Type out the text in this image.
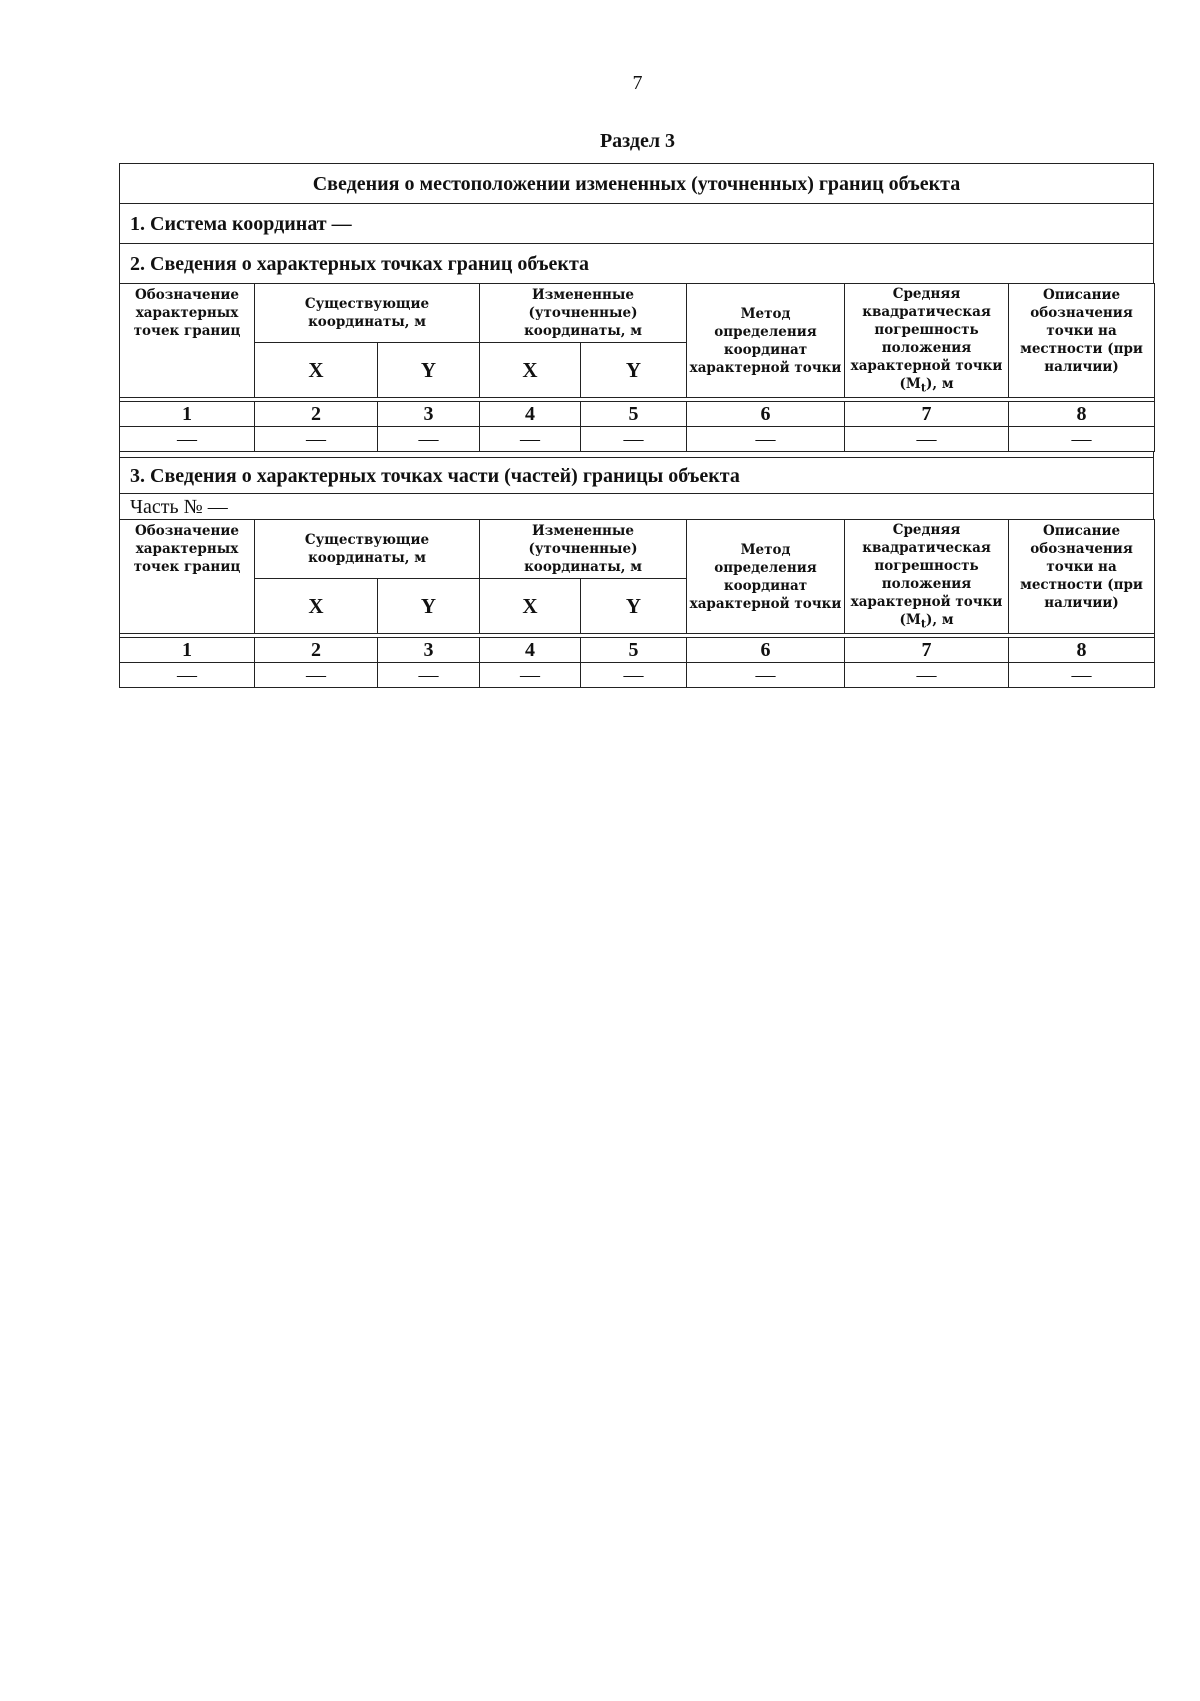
7
Раздел 3
Сведения о местоположении измененных (уточненных) границ объекта
1. Система координат —
2. Сведения о характерных точках границ объекта
Обозначение характерных точек границ	Существующие координаты, м		Измененные (уточненные) координаты, м		Метод определения координат характерной точки	Средняя квадратическая погрешность положения характерной точки $(M_t)$, м	Описание обозначения точки на местности (при наличии)
	X	Y	X	Y			

1	2	3	4	5	6	7	8
—	—	—	—	—	—	—	—
3. Сведения о характерных точках части (частей) границы объекта
Часть № —
Обозначение характерных точек границ	Существующие координаты, м		Измененные (уточненные) координаты, м		Метод определения координат характерной точки	Средняя квадратическая погрешность положения характерной точки $(M_t)$, м	Описание обозначения точки на местности (при наличии)
	X	Y	X	Y			

1	2	3	4	5	6	7	8
—	—	—	—	—	—	—	—
